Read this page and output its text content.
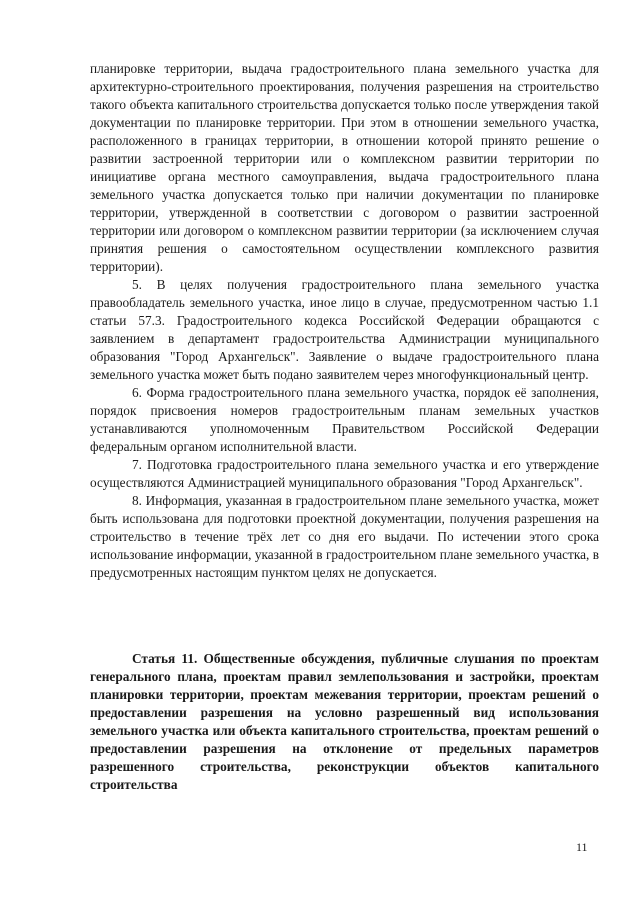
планировке территории, выдача градостроительного плана земельного участка для архитектурно-строительного проектирования, получения разрешения на строительство такого объекта капитального строительства допускается только после утверждения такой документации по планировке территории. При этом в отношении земельного участка, расположенного в границах территории, в отношении которой принято решение о развитии застроенной территории или о комплексном развитии территории по инициативе органа местного самоуправления, выдача градостроительного плана земельного участка допускается только при наличии документации по планировке территории, утвержденной в соответствии с договором о развитии застроенной территории или договором о комплексном развитии территории (за исключением случая принятия решения о самостоятельном осуществлении комплексного развития территории).

5. В целях получения градостроительного плана земельного участка правообладатель земельного участка, иное лицо в случае, предусмотренном частью 1.1 статьи 57.3. Градостроительного кодекса Российской Федерации обращаются с заявлением в департамент градостроительства Администрации муниципального образования "Город Архангельск". Заявление о выдаче градостроительного плана земельного участка может быть подано заявителем через многофункциональный центр.

6. Форма градостроительного плана земельного участка, порядок её заполнения, порядок присвоения номеров градостроительным планам земельных участков устанавливаются уполномоченным Правительством Российской Федерации федеральным органом исполнительной власти.

7. Подготовка градостроительного плана земельного участка и его утверждение осуществляются Администрацией муниципального образования "Город Архангельск".

8. Информация, указанная в градостроительном плане земельного участка, может быть использована для подготовки проектной документации, получения разрешения на строительство в течение трёх лет со дня его выдачи. По истечении этого срока использование информации, указанной в градостроительном плане земельного участка, в предусмотренных настоящим пунктом целях не допускается.

Статья 11. Общественные обсуждения, публичные слушания по проектам генерального плана, проектам правил землепользования и застройки, проектам планировки территории, проектам межевания территории, проектам решений о предоставлении разрешения на условно разрешенный вид использования земельного участка или объекта капитального строительства, проектам решений о предоставлении разрешения на отклонение от предельных параметров разрешенного строительства, реконструкции объектов капитального строительства
11
